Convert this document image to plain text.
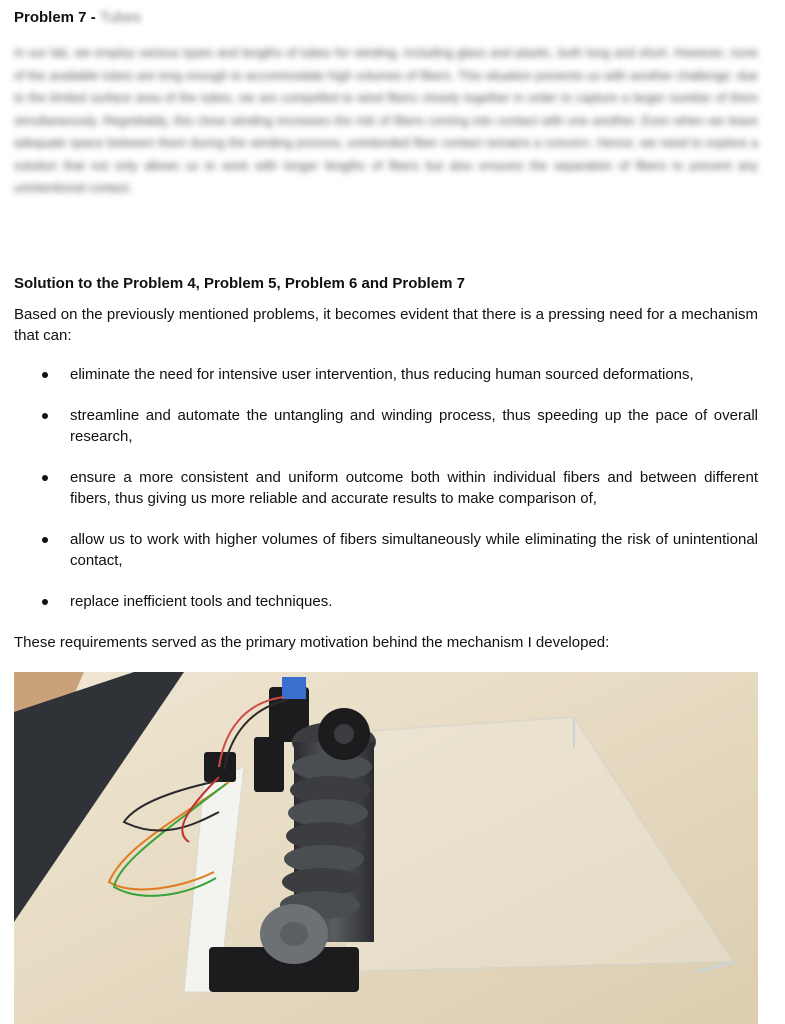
Problem 7 - Tubes

In our lab, we employ various types and lengths of tubes for winding, including glass and plastic, both long and short. However, none of the available tubes are long enough to accommodate high volumes of fibers. This situation presents us with another challenge: due to the limited surface area of the tubes, we are compelled to wind fibers closely together in order to capture a larger number of them simultaneously. Regrettably, this close winding increases the risk of fibers coming into contact with one another. Even when we leave adequate space between them during the winding process, unintended fiber contact remains a concern. Hence, we need to explore a solution that not only allows us to work with longer lengths of fibers but also ensures the separation of fibers to prevent any unintentional contact.

Solution to the Problem 4, Problem 5, Problem 6 and Problem 7

Based on the previously mentioned problems, it becomes evident that there is a pressing need for a mechanism that can:

eliminate the need for intensive user intervention, thus reducing human sourced deformations,
streamline and automate the untangling and winding process, thus speeding up the pace of overall research,
ensure a more consistent and uniform outcome both within individual fibers and between different fibers, thus giving us more reliable and accurate results to make comparison of,
allow us to work with higher volumes of fibers simultaneously while eliminating the risk of unintentional contact,
replace inefficient tools and techniques.

These requirements served as the primary motivation behind the mechanism I developed:
